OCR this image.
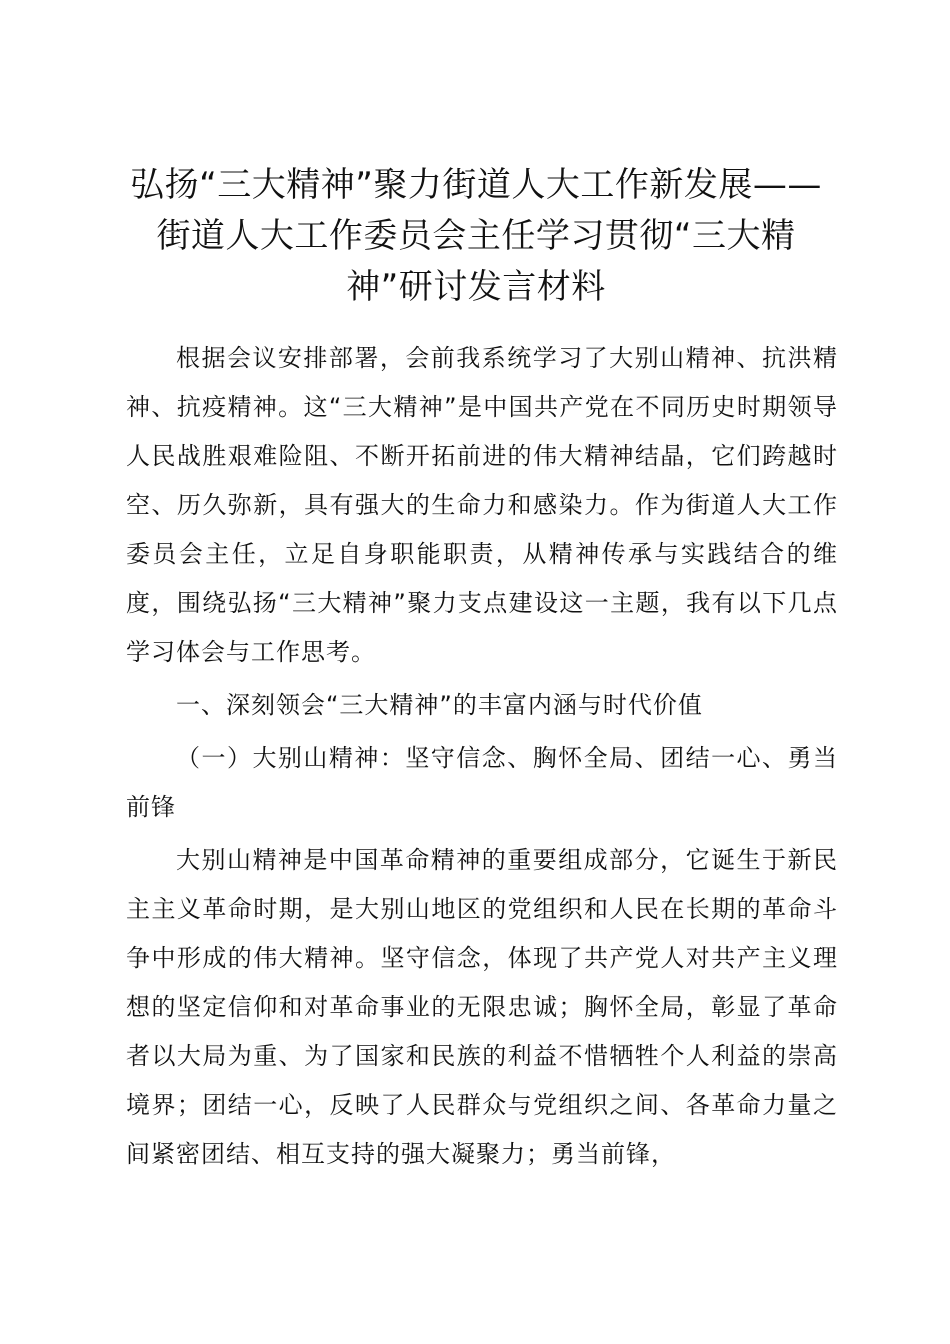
弘扬“三大精神”聚力街道人大工作新发展——街道人大工作委员会主任学习贯彻“三大精神”研讨发言材料

根据会议安排部署，会前我系统学习了大别山精神、抗洪精神、抗疫精神。这“三大精神”是中国共产党在不同历史时期领导人民战胜艰难险阻、不断开拓前进的伟大精神结晶，它们跨越时空、历久弥新，具有强大的生命力和感染力。作为街道人大工作委员会主任，立足自身职能职责，从精神传承与实践结合的维度，围绕弘扬“三大精神”聚力支点建设这一主题，我有以下几点学习体会与工作思考。

一、深刻领会“三大精神”的丰富内涵与时代价值

（一）大别山精神：坚守信念、胸怀全局、团结一心、勇当前锋

大别山精神是中国革命精神的重要组成部分，它诞生于新民主主义革命时期，是大别山地区的党组织和人民在长期的革命斗争中形成的伟大精神。坚守信念，体现了共产党人对共产主义理想的坚定信仰和对革命事业的无限忠诚；胸怀全局，彰显了革命者以大局为重、为了国家和民族的利益不惜牺牲个人利益的崇高境界；团结一心，反映了人民群众与党组织之间、各革命力量之间紧密团结、相互支持的强大凝聚力；勇当前锋，
